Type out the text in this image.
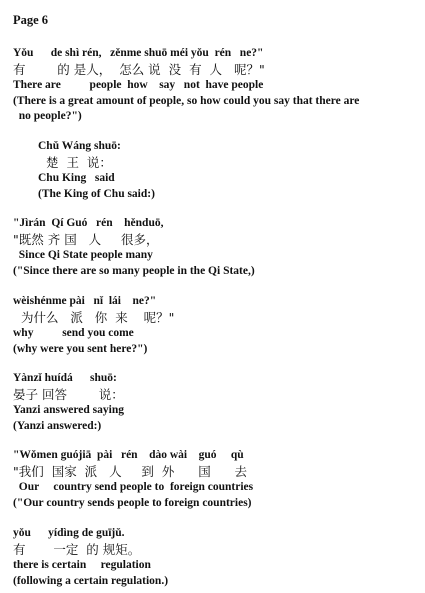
Page 6
Yǒu      de shì rén,   zěnme shuō méi yǒu  rén   ne?"
有        的 是人，  怎么 说  没  有  人   呢？"
There are          people  how    say   not  have people
(There is a great amount of people, so how could you say that there are
no people?")
Chǔ Wáng shuō:
楚  王  说：
Chu King   said
(The King of Chu said:)
"Jìrán  Qí Guó   rén    hěnduō,
"既然 齐 国   人     很多，
Since Qi State people many
("Since there are so many people in the Qi State,)
wèishénme pài   nǐ  lái    ne?"
为什么   派   你  来    呢？"
why          send you come
(why were you sent here?")
Yànzǐ huídá      shuō:
晏子 回答        说：
Yanzi answered saying
(Yanzi answered:)
"Wǒmen guójiā  pài   rén    dào wài    guó     qù
"我们  国家  派   人     到  外      国      去
Our     country send people to  foreign countries
("Our country sends people to foreign countries)
yǒu      yídìng de guījǔ.
有       一定  的 规矩。
there is certain     regulation
(following a certain regulation.)
